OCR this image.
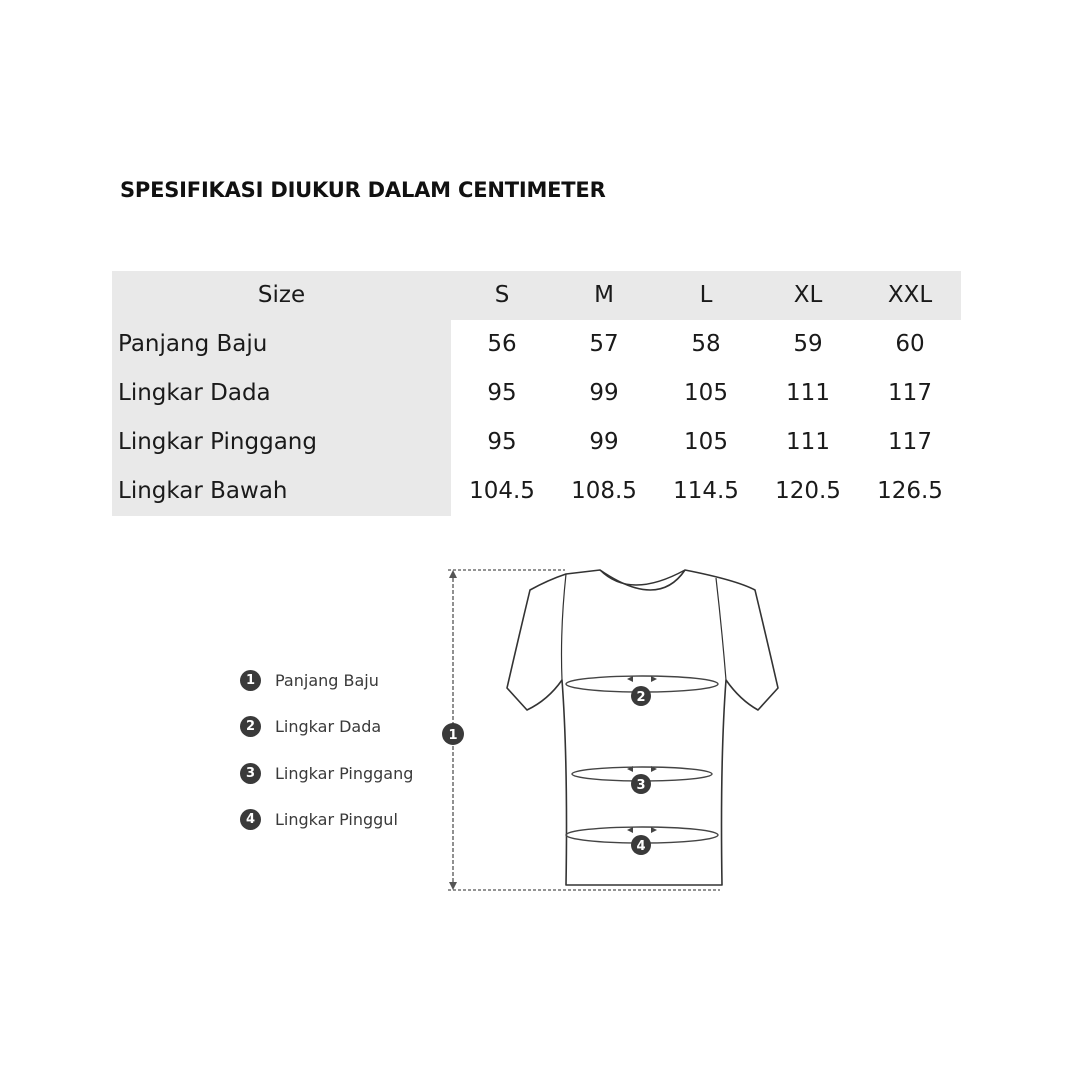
SPESIFIKASI DIUKUR DALAM CENTIMETER
Size	S	M	L	XL	XXL
Panjang Baju	56	57	58	59	60
Lingkar Dada	95	99	105	111	117
Lingkar Pinggang	95	99	105	111	117
Lingkar Bawah	104.5	108.5	114.5	120.5	126.5
1	Panjang Baju
2	Lingkar Dada
3	Lingkar Pinggang
4	Lingkar Pinggul
2
3
4
1
